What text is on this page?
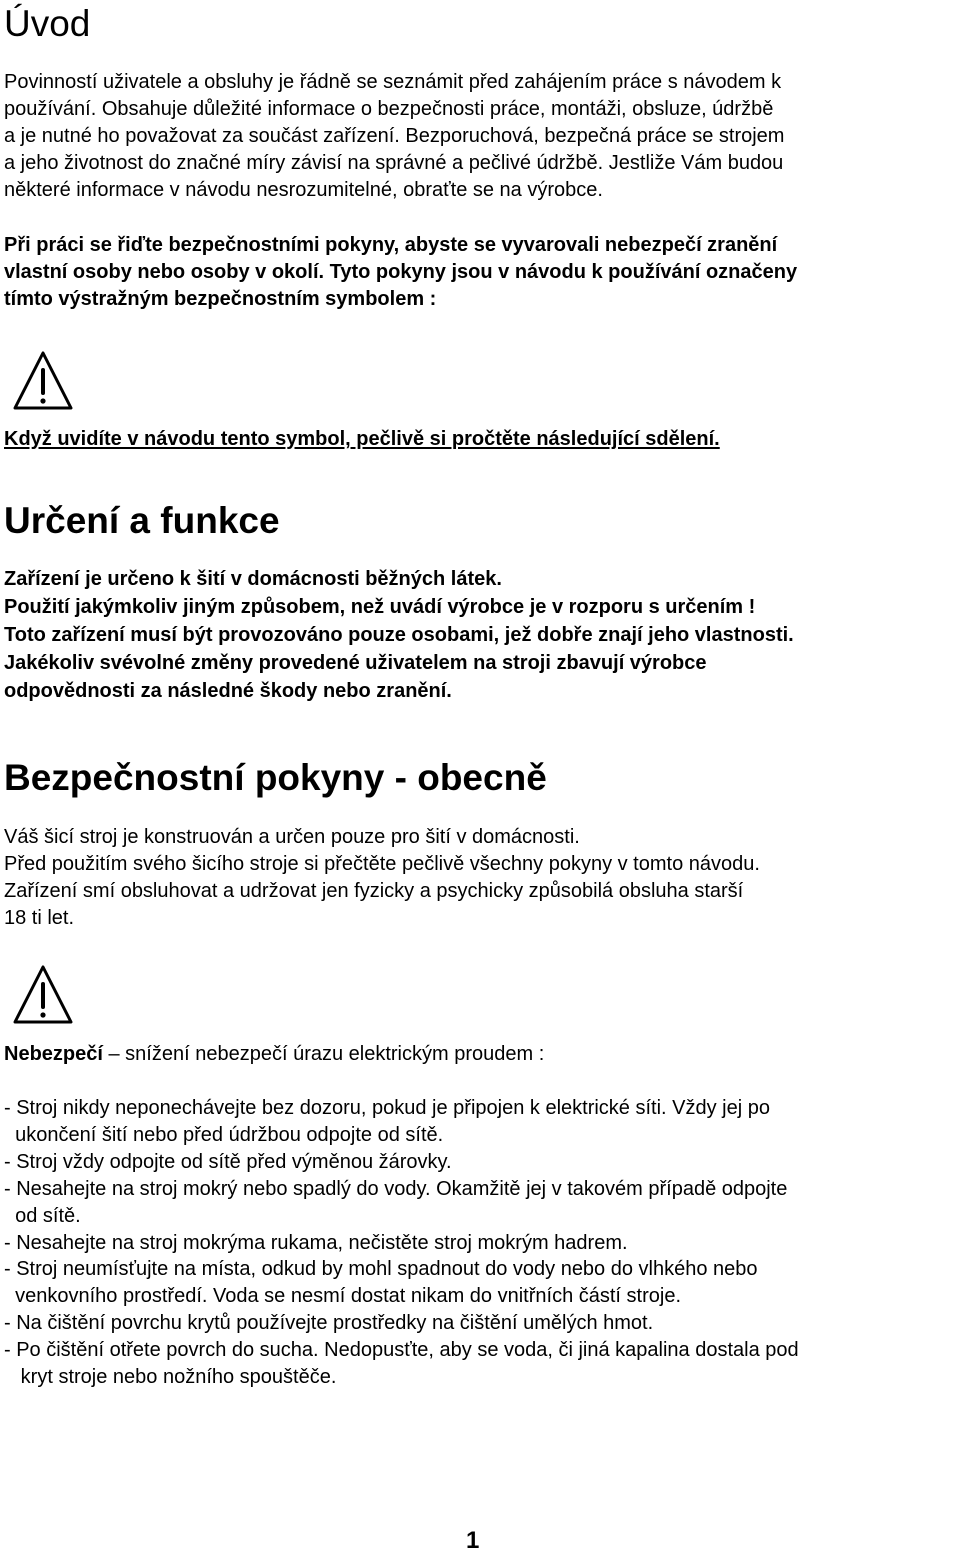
Úvod
Povinností uživatele a obsluhy je řádně se seznámit před zahájením práce s návodem k
používání. Obsahuje důležité informace o bezpečnosti práce, montáži, obsluze, údržbě
a je nutné ho považovat za součást zařízení. Bezporuchová, bezpečná práce se strojem
a jeho životnost do značné míry závisí na správné a pečlivé údržbě. Jestliže Vám budou
některé informace v návodu nesrozumitelné, obraťte se na výrobce.
Při práci se řiďte bezpečnostními pokyny, abyste se vyvarovali nebezpečí zranění
vlastní osoby nebo osoby v okolí. Tyto pokyny jsou v návodu k používání označeny
tímto výstražným bezpečnostním symbolem :
Když uvidíte v návodu tento symbol, pečlivě si pročtěte následující sdělení.
Určení a funkce
Zařízení je určeno k šití v domácnosti běžných látek.
Použití jakýmkoliv jiným způsobem, než uvádí výrobce je v rozporu s určením !
Toto zařízení musí být provozováno pouze osobami, jež dobře znají jeho vlastnosti.
Jakékoliv svévolné změny provedené uživatelem na stroji zbavují výrobce
odpovědnosti za následné škody nebo zranění.
Bezpečnostní pokyny - obecně
Váš šicí stroj je konstruován a určen pouze pro šití v domácnosti.
Před použitím svého šicího stroje si přečtěte pečlivě všechny pokyny v tomto návodu.
Zařízení smí obsluhovat a udržovat jen fyzicky a psychicky způsobilá obsluha starší
18 ti let.
Nebezpečí – snížení nebezpečí úrazu elektrickým proudem :
- Stroj nikdy neponechávejte bez dozoru, pokud je připojen k elektrické síti. Vždy jej po
ukončení šití nebo před údržbou odpojte od sítě.
- Stroj vždy odpojte od sítě před výměnou žárovky.
- Nesahejte na stroj mokrý nebo spadlý do vody. Okamžitě jej v takovém případě odpojte
od sítě.
- Nesahejte na stroj mokrýma rukama, nečistěte stroj mokrým hadrem.
- Stroj neumísťujte na místa, odkud by mohl spadnout do vody nebo do vlhkého nebo
venkovního prostředí. Voda se nesmí dostat nikam do vnitřních částí stroje.
- Na čištění povrchu krytů používejte prostředky na čištění umělých hmot.
- Po čištění otřete povrch do sucha. Nedopusťte, aby se voda, či jiná kapalina dostala pod
kryt stroje nebo nožního spouštěče.
1
